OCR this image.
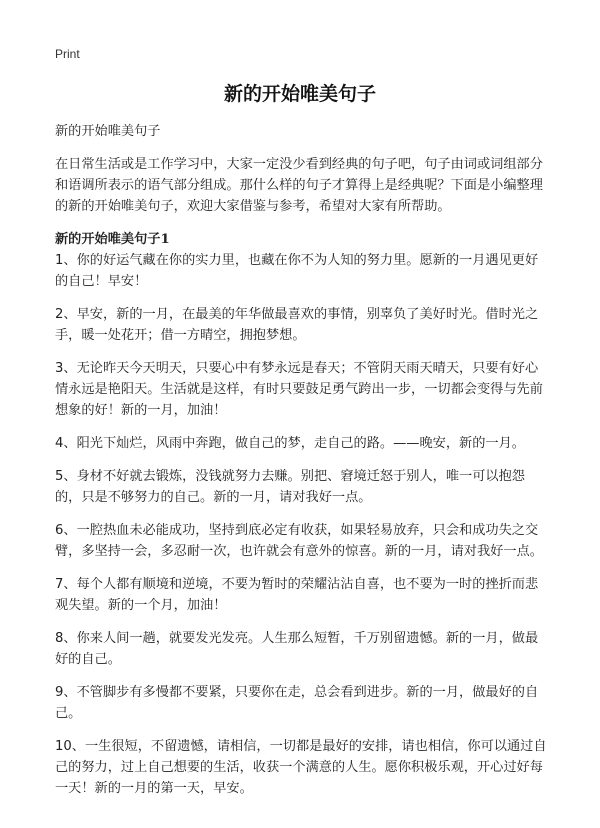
Print
新的开始唯美句子

新的开始唯美句子

在日常生活或是工作学习中，大家一定没少看到经典的句子吧，句子由词或词组部分和语调所表示的语气部分组成。那什么样的句子才算得上是经典呢？下面是小编整理的新的开始唯美句子，欢迎大家借鉴与参考，希望对大家有所帮助。

新的开始唯美句子1

1、你的好运气藏在你的实力里，也藏在你不为人知的努力里。愿新的一月遇见更好的自己！早安！

2、早安，新的一月，在最美的年华做最喜欢的事情，别辜负了美好时光。借时光之手，暖一处花开；借一方晴空，拥抱梦想。

3、无论昨天今天明天，只要心中有梦永远是春天；不管阴天雨天晴天，只要有好心情永远是艳阳天。生活就是这样，有时只要鼓足勇气跨出一步，一切都会变得与先前想象的好！新的一月，加油！

4、阳光下灿烂，风雨中奔跑，做自己的梦，走自己的路。——晚安，新的一月。

5、身材不好就去锻炼，没钱就努力去赚。别把、窘境迁怒于别人，唯一可以抱怨的，只是不够努力的自己。新的一月，请对我好一点。

6、一腔热血未必能成功，坚持到底必定有收获，如果轻易放弃，只会和成功失之交臂，多坚持一会，多忍耐一次，也许就会有意外的惊喜。新的一月，请对我好一点。

7、每个人都有顺境和逆境，不要为暂时的荣耀沾沾自喜，也不要为一时的挫折而悲观失望。新的一个月，加油！

8、你来人间一趟，就要发光发亮。人生那么短暂，千万别留遗憾。新的一月，做最好的自己。

9、不管脚步有多慢都不要紧，只要你在走，总会看到进步。新的一月，做最好的自己。

10、一生很短，不留遗憾，请相信，一切都是最好的安排，请也相信，你可以通过自己的努力，过上自己想要的生活，收获一个满意的人生。愿你积极乐观，开心过好每一天！新的一月的第一天，早安。
